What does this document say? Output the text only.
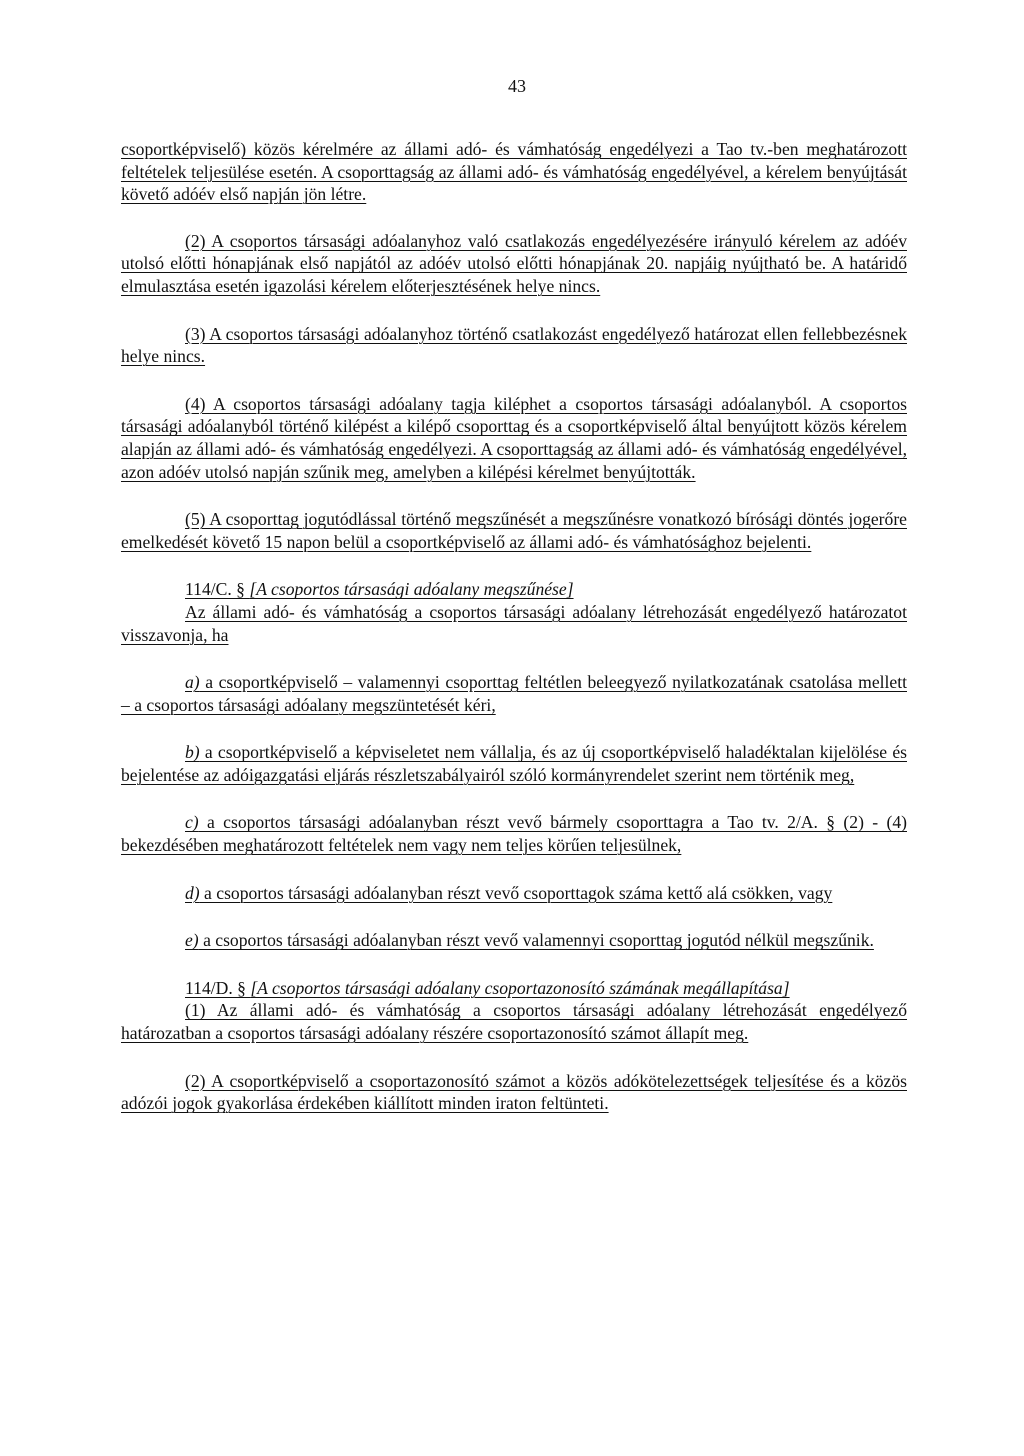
43

csoportképviselő) közös kérelmére az állami adó- és vámhatóság engedélyezi a Tao tv.-ben meghatározott feltételek teljesülése esetén. A csoporttagság az állami adó- és vámhatóság engedélyével, a kérelem benyújtását követő adóév első napján jön létre.

(2) A csoportos társasági adóalanyhoz való csatlakozás engedélyezésére irányuló kérelem az adóév utolsó előtti hónapjának első napjától az adóév utolsó előtti hónapjának 20. napjáig nyújtható be. A határidő elmulasztása esetén igazolási kérelem előterjesztésének helye nincs.

(3) A csoportos társasági adóalanyhoz történő csatlakozást engedélyező határozat ellen fellebbezésnek helye nincs.

(4) A csoportos társasági adóalany tagja kiléphet a csoportos társasági adóalanyból. A csoportos társasági adóalanyból történő kilépést a kilépő csoporttag és a csoportképviselő által benyújtott közös kérelem alapján az állami adó- és vámhatóság engedélyezi. A csoporttagság az állami adó- és vámhatóság engedélyével, azon adóév utolsó napján szűnik meg, amelyben a kilépési kérelmet benyújtották.

(5) A csoporttag jogutódlással történő megszűnését a megszűnésre vonatkozó bírósági döntés jogerőre emelkedését követő 15 napon belül a csoportképviselő az állami adó- és vámhatósághoz bejelenti.

114/C. § [A csoportos társasági adóalany megszűnése]

Az állami adó- és vámhatóság a csoportos társasági adóalany létrehozását engedélyező határozatot visszavonja, ha

a) a csoportképviselő – valamennyi csoporttag feltétlen beleegyező nyilatkozatának csatolása mellett – a csoportos társasági adóalany megszüntetését kéri,

b) a csoportképviselő a képviseletet nem vállalja, és az új csoportképviselő haladéktalan kijelölése és bejelentése az adóigazgatási eljárás részletszabályairól szóló kormányrendelet szerint nem történik meg,

c) a csoportos társasági adóalanyban részt vevő bármely csoporttagra a Tao tv. 2/A. § (2) - (4) bekezdésében meghatározott feltételek nem vagy nem teljes körűen teljesülnek,

d) a csoportos társasági adóalanyban részt vevő csoporttagok száma kettő alá csökken, vagy

e) a csoportos társasági adóalanyban részt vevő valamennyi csoporttag jogutód nélkül megszűnik.

114/D. § [A csoportos társasági adóalany csoportazonosító számának megállapítása]

(1) Az állami adó- és vámhatóság a csoportos társasági adóalany létrehozását engedélyező határozatban a csoportos társasági adóalany részére csoportazonosító számot állapít meg.

(2) A csoportképviselő a csoportazonosító számot a közös adókötelezettségek teljesítése és a közös adózói jogok gyakorlása érdekében kiállított minden iraton feltünteti.
